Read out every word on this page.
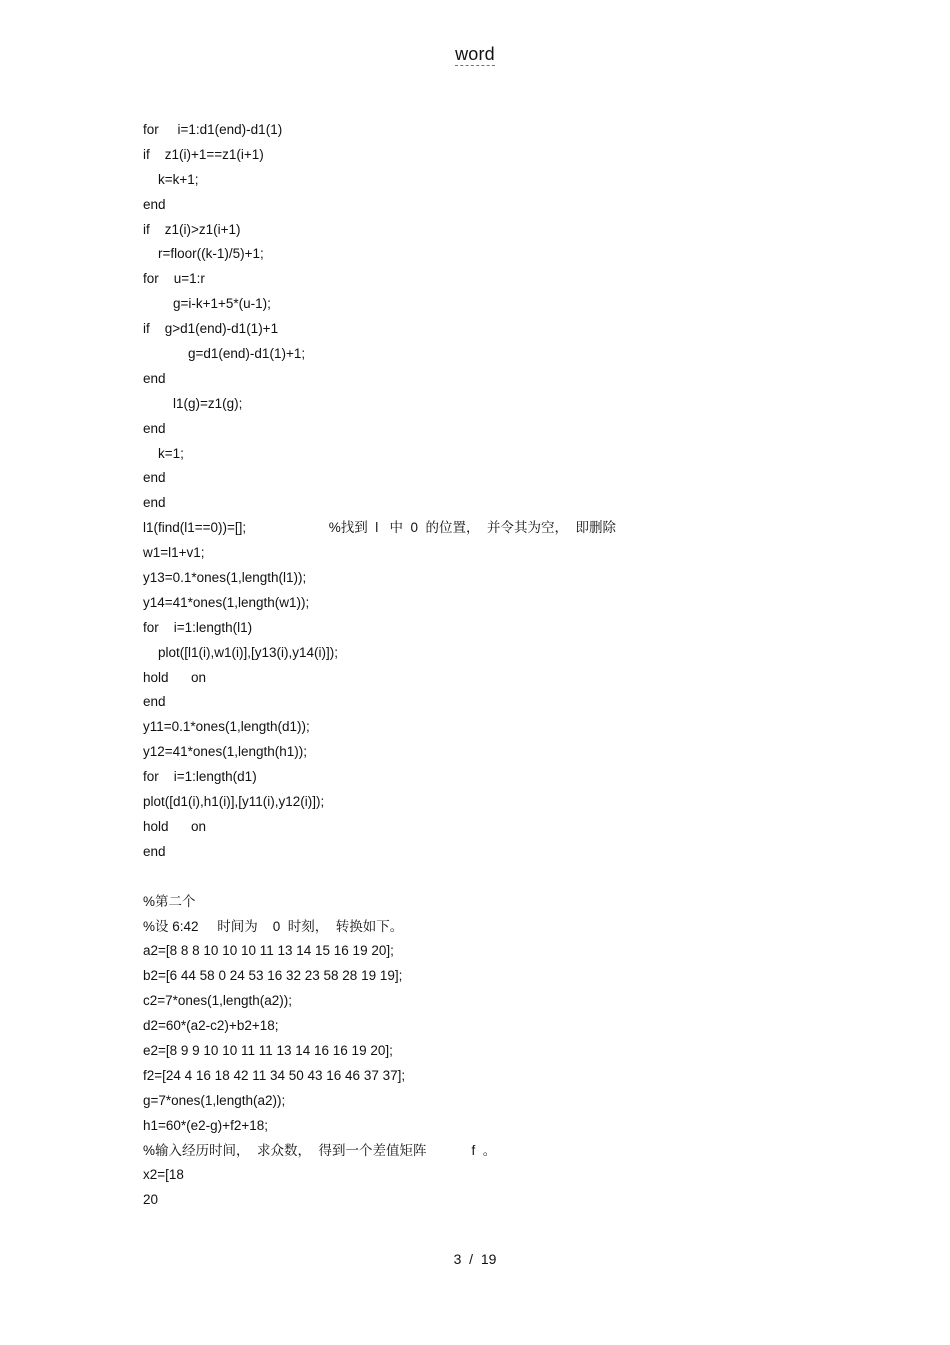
word
for     i=1:d1(end)-d1(1)
if    z1(i)+1==z1(i+1)
k=k+1;
end
if    z1(i)>z1(i+1)
r=floor((k-1)/5)+1;
for    u=1:r
g=i-k+1+5*(u-1);
if    g>d1(end)-d1(1)+1
g=d1(end)-d1(1)+1;
end
l1(g)=z1(g);
end
k=1;
end
end
l1(find(l1==0))=[];                      %找到  l   中  0  的位置，  并令其为空，  即删除
w1=l1+v1;
y13=0.1*ones(1,length(l1));
y14=41*ones(1,length(w1));
for    i=1:length(l1)
plot([l1(i),w1(i)],[y13(i),y14(i)]);
hold      on
end
y11=0.1*ones(1,length(d1));
y12=41*ones(1,length(h1));
for    i=1:length(d1)
plot([d1(i),h1(i)],[y11(i),y12(i)]);
hold      on
end
%第二个
%设 6:42     时间为    0  时刻，  转换如下。
a2=[8 8 8 10 10 10 11 13 14 15 16 19 20];
b2=[6 44 58 0 24 53 16 32 23 58 28 19 19];
c2=7*ones(1,length(a2));
d2=60*(a2-c2)+b2+18;
e2=[8 9 9 10 10 11 11 13 14 16 16 19 20];
f2=[24 4 16 18 42 11 34 50 43 16 46 37 37];
g=7*ones(1,length(a2));
h1=60*(e2-g)+f2+18;
%输入经历时间，  求众数，  得到一个差值矩阵            f  。
x2=[18
20
3  /  19
